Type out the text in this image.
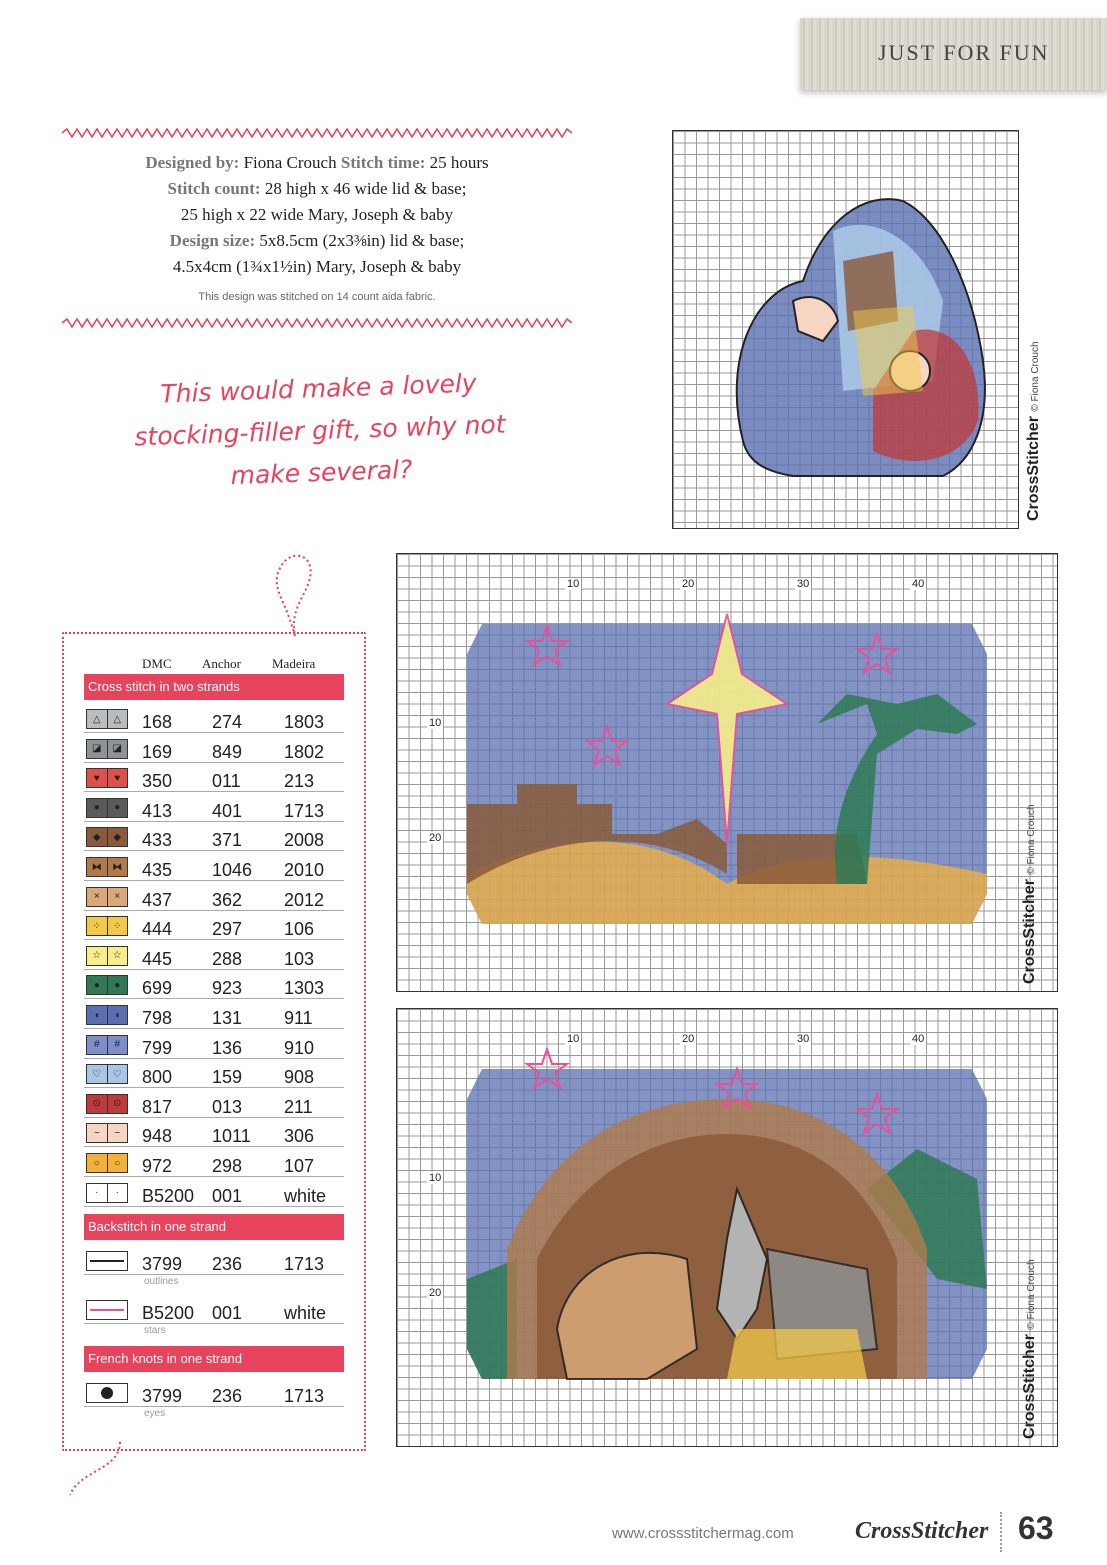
JUST FOR FUN
Designed by: Fiona Crouch Stitch time: 25 hours
Stitch count: 28 high x 46 wide lid & base;
25 high x 22 wide Mary, Joseph & baby
Design size: 5x8.5cm (2x3⅜in) lid & base;
4.5x4cm (1¾x1½in) Mary, Joseph & baby
This design was stitched on 14 count aida fabric.
This would make a lovely stocking-filler gift, so why not make several?
DMC Anchor Madeira
Cross stitch in two strands
△	△	168 274 1803
◪	◪ 169 849 1802
♥	♥	350 011 213
●	●	413 401 1713
◆	◆	433 371 2008
⧓	⧓ 435 1046 2010
×	×	437 362 2012
⁘	⁘	444 297 106
☆	☆ 445 288 103
●	●	699 923 1303
◖	◖	798 131 911
#	#	799 136 910
♡	♡ 800 159 908
⊙	⊙	817 013 211
~	~	948 1011 306
○	○	972 298 107
·	·	B5200 001 white
Backstitch in one strand
3799 236 1713
outlines
B5200 001 white
stars
French knots in one strand
3799 236 1713
eyes
CrossStitcher © Fiona Crouch
10	20	30	40
10
20
CrossStitcher © Fiona Crouch
10	20	30	40
10
20
CrossStitcher © Fiona Crouch
www.crossstitchermag.com	CrossStitcher 63
